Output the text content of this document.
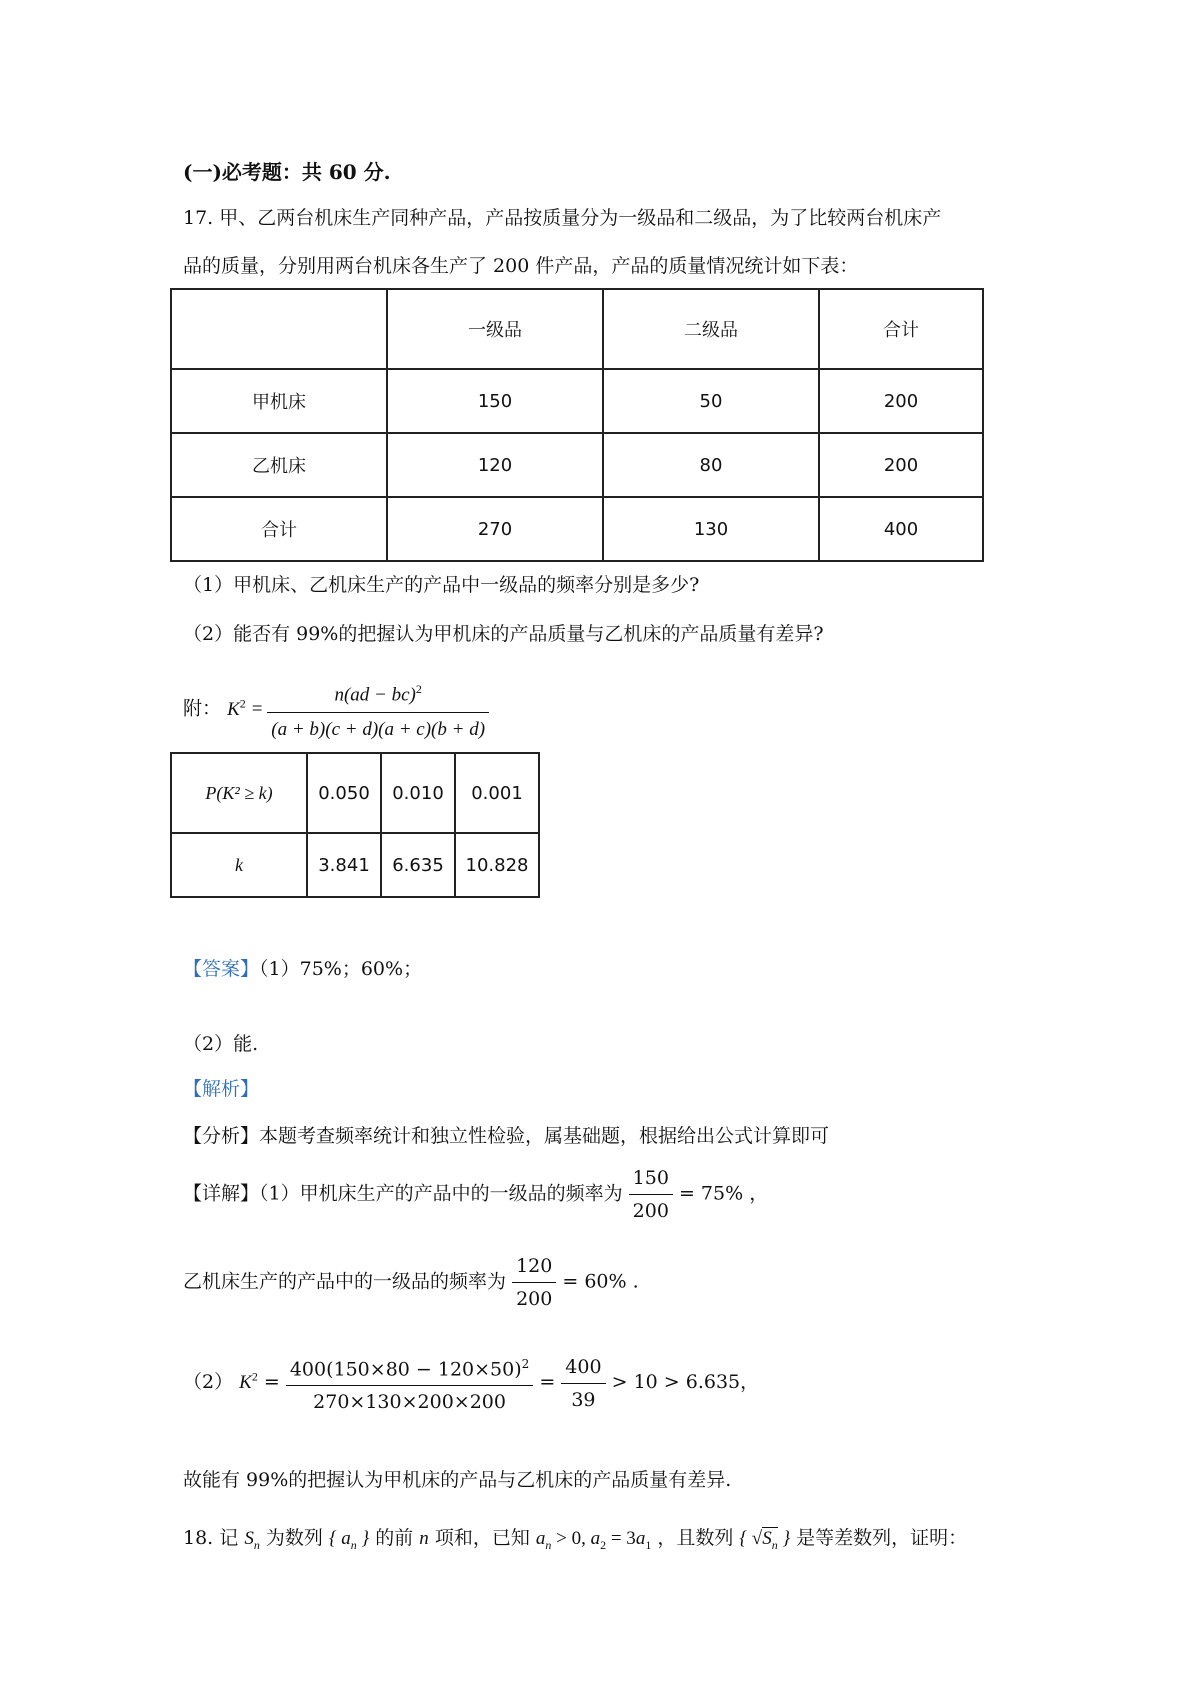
(一)必考题：共 60 分.
17. 甲、乙两台机床生产同种产品，产品按质量分为一级品和二级品，为了比较两台机床产
品的质量，分别用两台机床各生产了 200 件产品，产品的质量情况统计如下表：
	一级品	二级品	合计
甲机床	150	50	200
乙机床	120	80	200
合计	270	130	400
（1）甲机床、乙机床生产的产品中一级品的频率分别是多少?
（2）能否有 99%的把握认为甲机床的产品质量与乙机床的产品质量有差异?
附： $K^2 = \frac{n(ad - bc)^2}{(a + b)(c + d)(a + c)(b + d)}$
P(K² ≥ k)	0.050	0.010	0.001
k	3.841	6.635	10.828
【答案】（1）75%；60%；
（2）能.
【解析】
【分析】本题考查频率统计和独立性检验，属基础题，根据给出公式计算即可
【详解】（1）甲机床生产的产品中的一级品的频率为 $\frac{150}{200} = 75\%$ ，
乙机床生产的产品中的一级品的频率为 $\frac{120}{200} = 60\%$ .
（2） $K^2 = \frac{400(150\times 80 - 120\times 50)^2}{270\times 130\times 200\times 200} = \frac{400}{39} > 10 > 6.635$，
故能有 99%的把握认为甲机床的产品与乙机床的产品质量有差异.
18. 记 $S_n$ 为数列 { $a_n$ } 的前 n 项和，已知 $a_n > 0$, $a_2 = 3a_1$ ，且数列 { $√S_n$ } 是等差数列，证明：
